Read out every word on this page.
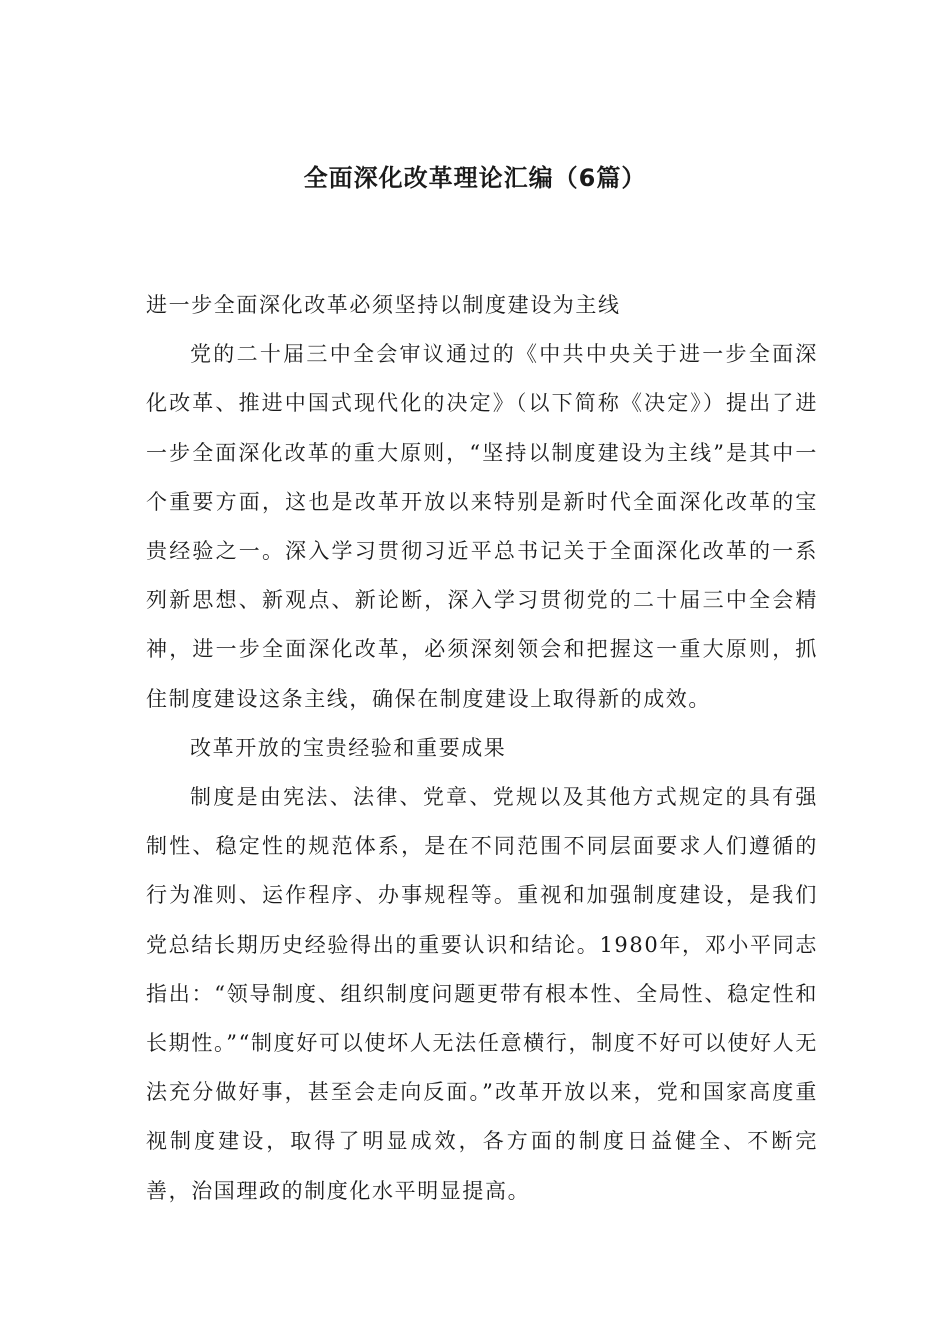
全面深化改革理论汇编（6篇）

进一步全面深化改革必须坚持以制度建设为主线

党的二十届三中全会审议通过的《中共中央关于进一步全面深化改革、推进中国式现代化的决定》（以下简称《决定》）提出了进一步全面深化改革的重大原则，“坚持以制度建设为主线”是其中一个重要方面，这也是改革开放以来特别是新时代全面深化改革的宝贵经验之一。深入学习贯彻习近平总书记关于全面深化改革的一系列新思想、新观点、新论断，深入学习贯彻党的二十届三中全会精神，进一步全面深化改革，必须深刻领会和把握这一重大原则，抓住制度建设这条主线，确保在制度建设上取得新的成效。

改革开放的宝贵经验和重要成果

制度是由宪法、法律、党章、党规以及其他方式规定的具有强制性、稳定性的规范体系，是在不同范围不同层面要求人们遵循的行为准则、运作程序、办事规程等。重视和加强制度建设，是我们党总结长期历史经验得出的重要认识和结论。1980年，邓小平同志指出：“领导制度、组织制度问题更带有根本性、全局性、稳定性和长期性。”“制度好可以使坏人无法任意横行，制度不好可以使好人无法充分做好事，甚至会走向反面。”改革开放以来，党和国家高度重视制度建设，取得了明显成效，各方面的制度日益健全、不断完善，治国理政的制度化水平明显提高。
